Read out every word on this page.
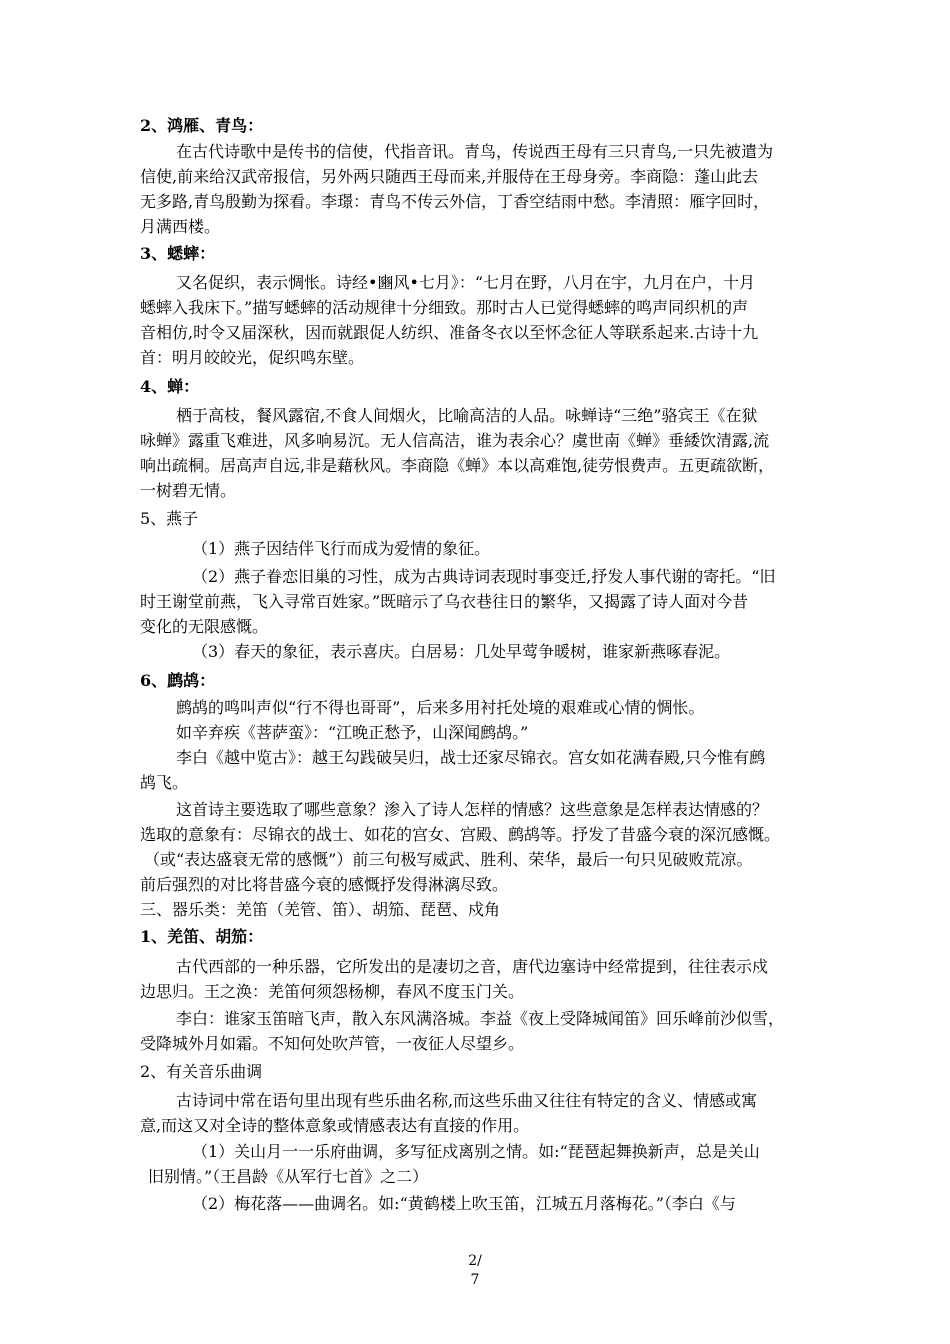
2、鸿雁、青鸟：
在古代诗歌中是传书的信使，代指音讯。青鸟，传说西王母有三只青鸟,一只先被遣为
信使,前来给汉武帝报信，另外两只随西王母而来,并服侍在王母身旁。李商隐：蓬山此去
无多路,青鸟殷勤为探看。李璟：青鸟不传云外信，丁香空结雨中愁。李清照：雁字回时，
月满西楼。
3、蟋蟀：
又名促织，表示惆怅。诗经•豳风•七月》：“七月在野，八月在宇，九月在户，十月
蟋蟀入我床下。”描写蟋蟀的活动规律十分细致。那时古人已觉得蟋蟀的鸣声同织机的声
音相仿,时令又届深秋，因而就跟促人纺织、准备冬衣以至怀念征人等联系起来.古诗十九
首：明月皎皎光，促织鸣东壁。
4、蝉：
栖于高枝，餐风露宿,不食人间烟火，比喻高洁的人品。咏蝉诗“三绝”骆宾王《在狱
咏蝉》露重飞难进，风多响易沉。无人信高洁，谁为表余心？虞世南《蝉》垂緌饮清露,流
响出疏桐。居高声自远,非是藉秋风。李商隐《蝉》本以高难饱,徒劳恨费声。五更疏欲断，
一树碧无情。
5、燕子
（1）燕子因结伴飞行而成为爱情的象征。
（2）燕子眷恋旧巢的习性，成为古典诗词表现时事变迁,抒发人事代谢的寄托。“旧
时王谢堂前燕，飞入寻常百姓家。”既暗示了乌衣巷往日的繁华，又揭露了诗人面对今昔
变化的无限感慨。
（3）春天的象征，表示喜庆。白居易：几处早莺争暖树，谁家新燕啄春泥。
6、鹧鸪：
鹧鸪的鸣叫声似“行不得也哥哥”，后来多用衬托处境的艰难或心情的惆怅。
如辛弃疾《菩萨蛮》：“江晚正愁予，山深闻鹧鸪。”
李白《越中览古》：越王勾践破吴归，战士还家尽锦衣。宫女如花满春殿,只今惟有鹧
鸪飞。
这首诗主要选取了哪些意象？渗入了诗人怎样的情感？这些意象是怎样表达情感的？
选取的意象有：尽锦衣的战士、如花的宫女、宫殿、鹧鸪等。抒发了昔盛今衰的深沉感慨。
（或“表达盛衰无常的感慨”）前三句极写威武、胜利、荣华，最后一句只见破败荒凉。
前后强烈的对比将昔盛今衰的感慨抒发得淋漓尽致。
三、器乐类：羌笛（羌管、笛）、胡笳、琵琶、戍角
1、羌笛、胡笳：
古代西部的一种乐器，它所发出的是凄切之音，唐代边塞诗中经常提到，往往表示戍
边思归。王之涣：羌笛何须怨杨柳，春风不度玉门关。
李白：谁家玉笛暗飞声，散入东风满洛城。李益《夜上受降城闻笛》回乐峰前沙似雪，
受降城外月如霜。不知何处吹芦管，一夜征人尽望乡。
2、有关音乐曲调
古诗词中常在语句里出现有些乐曲名称,而这些乐曲又往往有特定的含义、情感或寓
意,而这又对全诗的整体意象或情感表达有直接的作用。
（1）关山月一一乐府曲调，多写征戍离别之情。如:“琵琶起舞换新声，总是关山
旧别情。”（王昌龄《从军行七首》之二）
（2）梅花落——曲调名。如:“黄鹤楼上吹玉笛，江城五月落梅花。”（李白《与
2/
7
